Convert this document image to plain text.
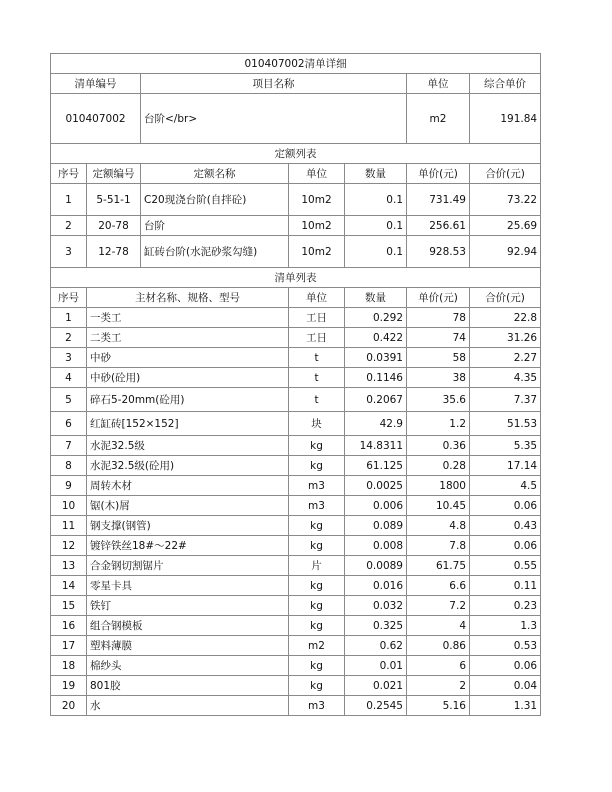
010407002清单详细						
清单编号		项目名称			单位	综合单价
010407002		台阶</br>			m2	191.84
定额列表						
序号	定额编号	定额名称	单位	数量	单价(元)	合价(元)
1	5-51-1	C20现浇台阶(自拌砼)	10m2	0.1	731.49	73.22
2	20-78	台阶	10m2	0.1	256.61	25.69
3	12-78	缸砖台阶(水泥砂浆勾缝)	10m2	0.1	928.53	92.94
清单列表						
序号	主材名称、规格、型号		单位	数量	单价(元)	合价(元)
1	一类工		工日	0.292	78	22.8
2	二类工		工日	0.422	74	31.26
3	中砂		t	0.0391	58	2.27
4	中砂(砼用)		t	0.1146	38	4.35
5	碎石5-20mm(砼用)		t	0.2067	35.6	7.37
6	红缸砖[152×152]		块	42.9	1.2	51.53
7	水泥32.5级		kg	14.8311	0.36	5.35
8	水泥32.5级(砼用)		kg	61.125	0.28	17.14
9	周转木材		m3	0.0025	1800	4.5
10	锯(木)屑		m3	0.006	10.45	0.06
11	钢支撑(钢管)		kg	0.089	4.8	0.43
12	镀锌铁丝18#～22#		kg	0.008	7.8	0.06
13	合金钢切割锯片		片	0.0089	61.75	0.55
14	零星卡具		kg	0.016	6.6	0.11
15	铁钉		kg	0.032	7.2	0.23
16	组合钢模板		kg	0.325	4	1.3
17	塑料薄膜		m2	0.62	0.86	0.53
18	棉纱头		kg	0.01	6	0.06
19	801胶		kg	0.021	2	0.04
20	水		m3	0.2545	5.16	1.31
